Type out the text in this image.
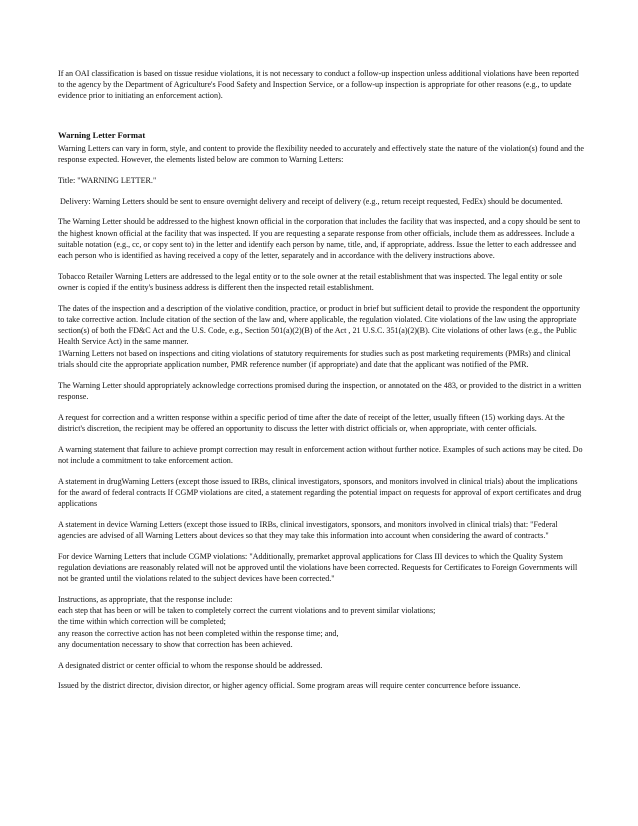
If an OAI classification is based on tissue residue violations, it is not necessary to conduct a follow-up inspection unless additional violations have been reported to the agency by the Department of Agriculture's Food Safety and Inspection Service, or a follow-up inspection is appropriate for other reasons (e.g., to update evidence prior to initiating an enforcement action).

Warning Letter Format

Warning Letters can vary in form, style, and content to provide the flexibility needed to accurately and effectively state the nature of the violation(s) found and the response expected. However, the elements listed below are common to Warning Letters:

Title: "WARNING LETTER."

Delivery: Warning Letters should be sent to ensure overnight delivery and receipt of delivery (e.g., return receipt requested, FedEx) should be documented.

The Warning Letter should be addressed to the highest known official in the corporation that includes the facility that was inspected, and a copy should be sent to the highest known official at the facility that was inspected. If you are requesting a separate response from other officials, include them as addressees. Include a suitable notation (e.g., cc, or copy sent to) in the letter and identify each person by name, title, and, if appropriate, address. Issue the letter to each addressee and each person who is identified as having received a copy of the letter, separately and in accordance with the delivery instructions above.

Tobacco Retailer Warning Letters are addressed to the legal entity or to the sole owner at the retail establishment that was inspected. The legal entity or sole owner is copied if the entity's business address is different then the inspected retail establishment.

The dates of the inspection and a description of the violative condition, practice, or product in brief but sufficient detail to provide the respondent the opportunity to take corrective action. Include citation of the section of the law and, where applicable, the regulation violated. Cite violations of the law using the appropriate section(s) of both the FD&C Act and the U.S. Code, e.g., Section 501(a)(2)(B) of the Act , 21 U.S.C. 351(a)(2)(B). Cite violations of other laws (e.g., the Public Health Service Act) in the same manner.
1Warning Letters not based on inspections and citing violations of statutory requirements for studies such as post marketing requirements (PMRs) and clinical trials should cite the appropriate application number, PMR reference number (if appropriate) and date that the applicant was notified of the PMR.

The Warning Letter should appropriately acknowledge corrections promised during the inspection, or annotated on the 483, or provided to the district in a written response.

A request for correction and a written response within a specific period of time after the date of receipt of the letter, usually fifteen (15) working days. At the district's discretion, the recipient may be offered an opportunity to discuss the letter with district officials or, when appropriate, with center officials.

A warning statement that failure to achieve prompt correction may result in enforcement action without further notice. Examples of such actions may be cited. Do not include a commitment to take enforcement action.

A statement in drugWarning Letters (except those issued to IRBs, clinical investigators, sponsors, and monitors involved in clinical trials) about the implications for the award of federal contracts If CGMP violations are cited, a statement regarding the potential impact on requests for approval of export certificates and drug applications

A statement in device Warning Letters (except those issued to IRBs, clinical investigators, sponsors, and monitors involved in clinical trials) that: "Federal agencies are advised of all Warning Letters about devices so that they may take this information into account when considering the award of contracts."

For device Warning Letters that include CGMP violations: "Additionally, premarket approval applications for Class III devices to which the Quality System regulation deviations are reasonably related will not be approved until the violations have been corrected. Requests for Certificates to Foreign Governments will not be granted until the violations related to the subject devices have been corrected."

Instructions, as appropriate, that the response include:
each step that has been or will be taken to completely correct the current violations and to prevent similar violations;
the time within which correction will be completed;
any reason the corrective action has not been completed within the response time; and,
any documentation necessary to show that correction has been achieved.

A designated district or center official to whom the response should be addressed.

Issued by the district director, division director, or higher agency official. Some program areas will require center concurrence before issuance.
